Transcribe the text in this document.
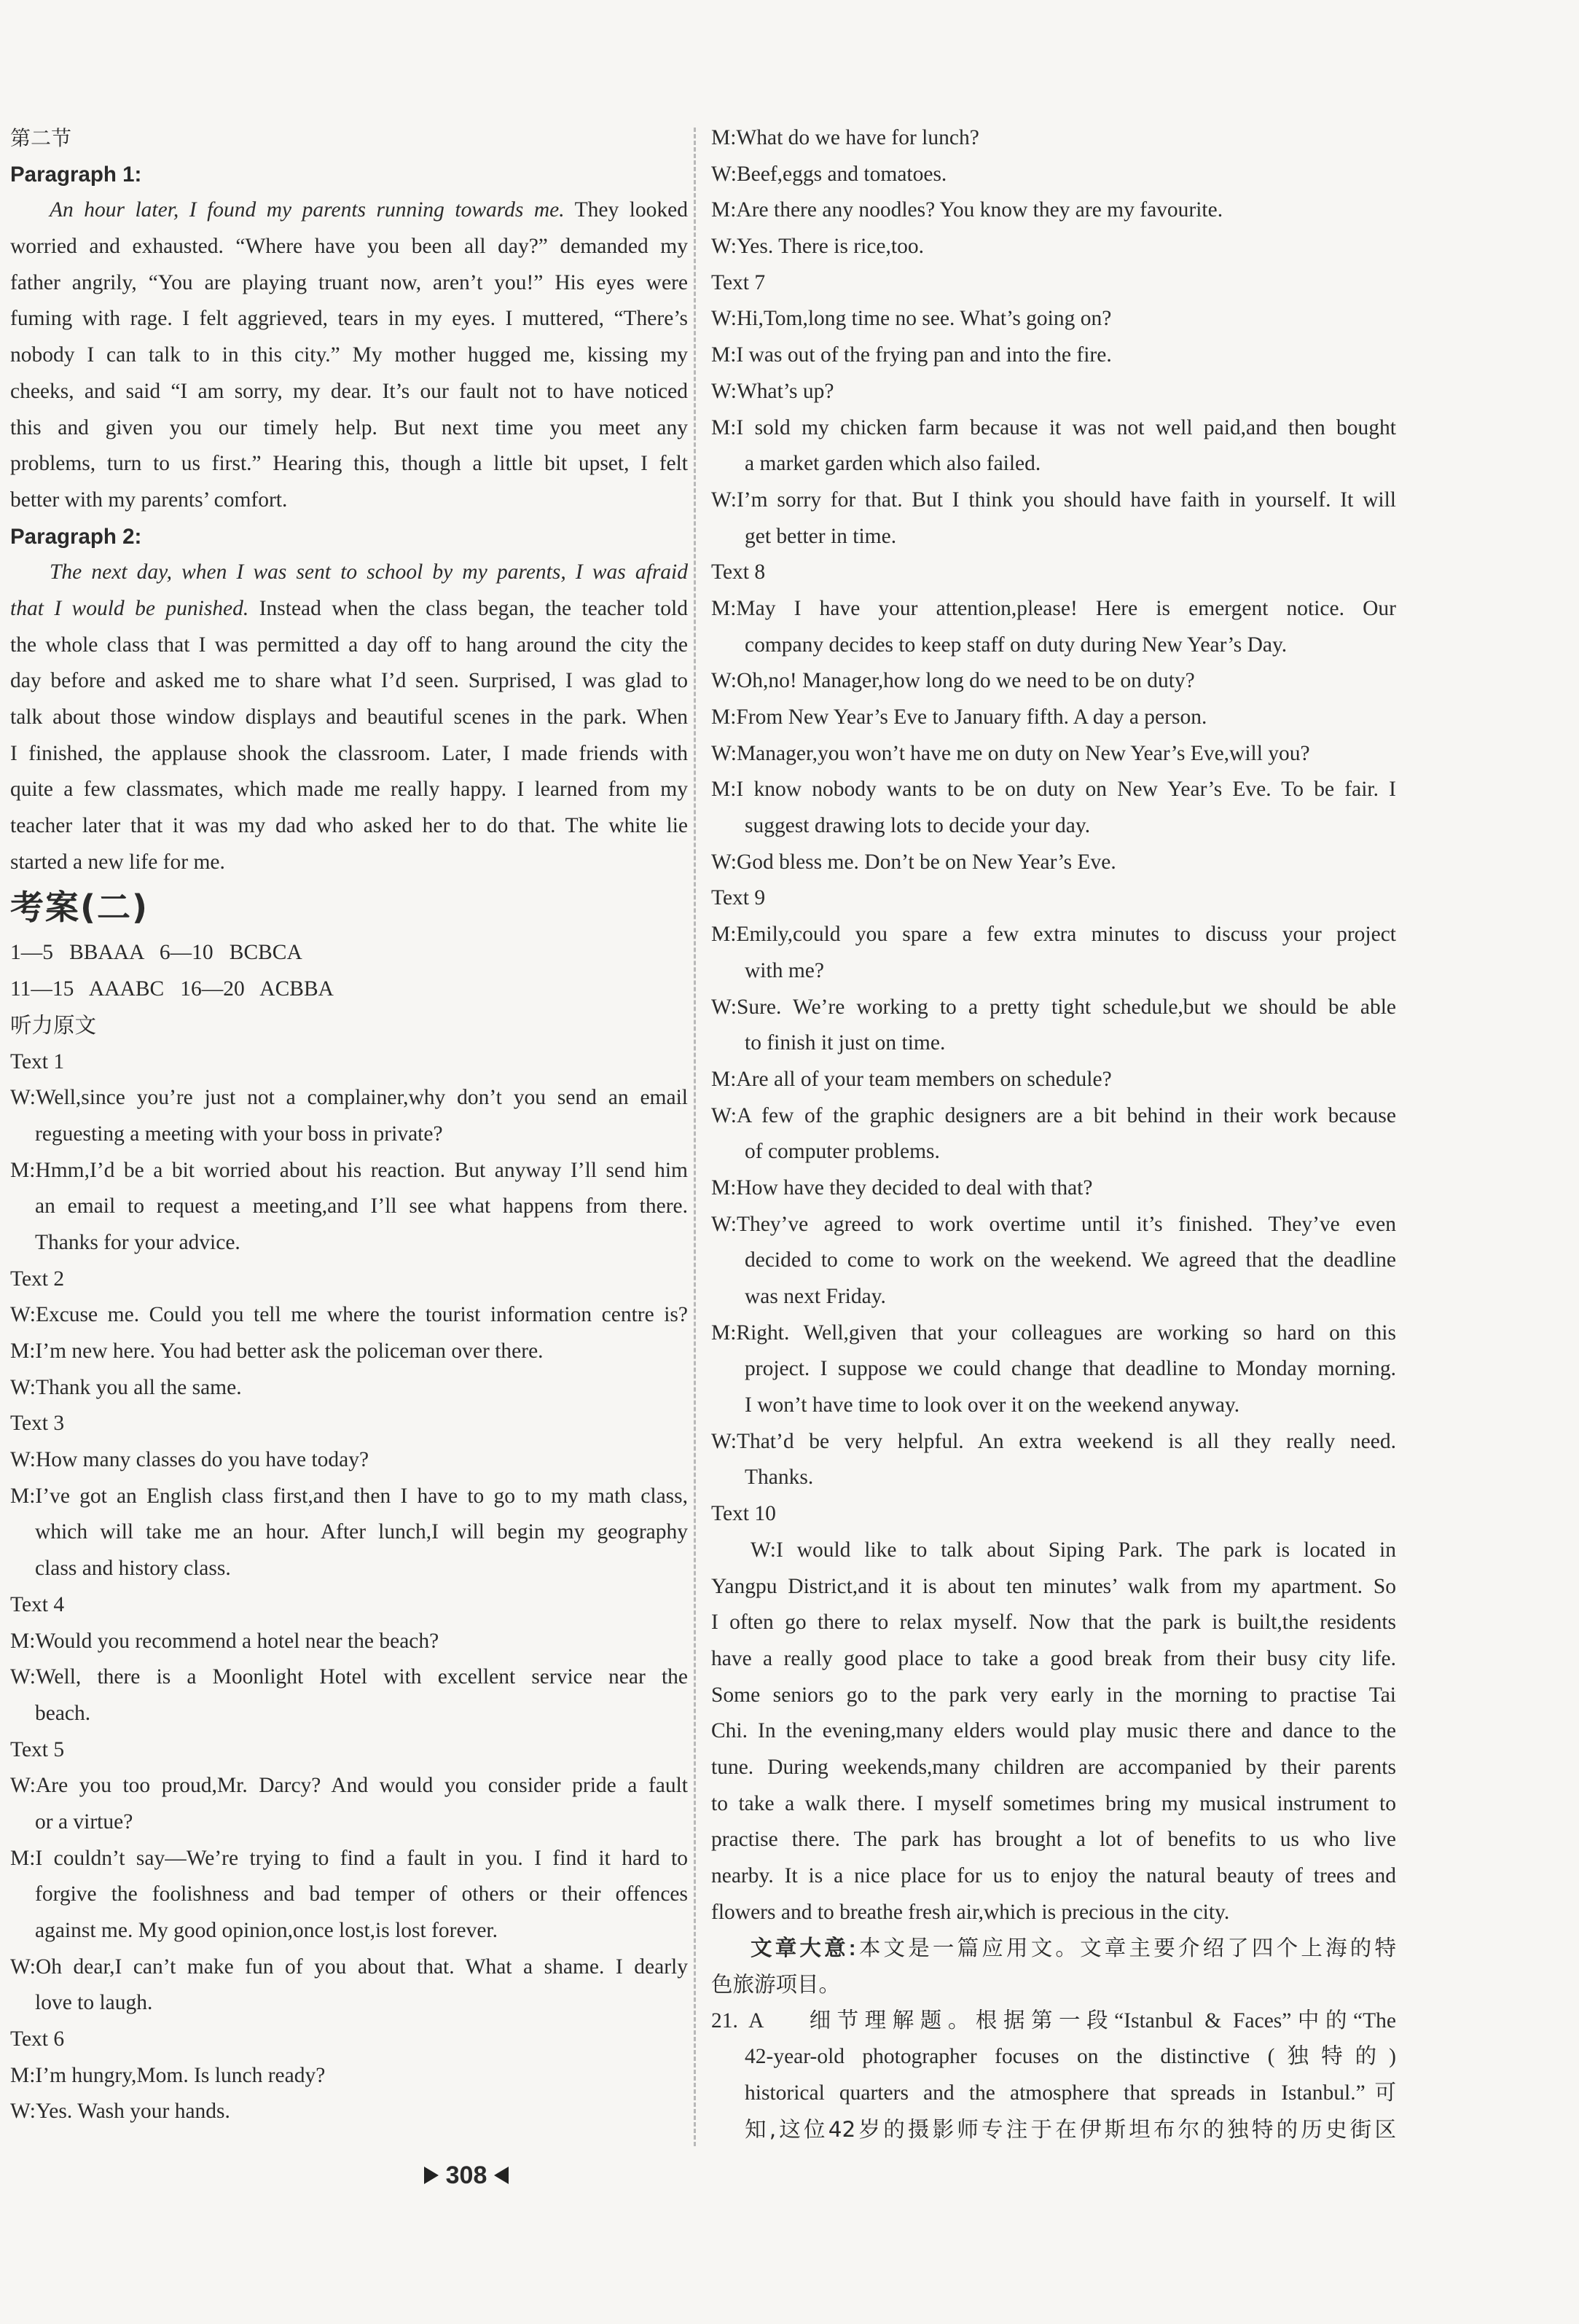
第二节
Paragraph 1:
An hour later, I found my parents running towards me. They looked
worried and exhausted. “Where have you been all day?” demanded my
father angrily, “You are playing truant now, aren’t you!” His eyes were
fuming with rage. I felt aggrieved, tears in my eyes. I muttered, “There’s
nobody I can talk to in this city.” My mother hugged me, kissing my
cheeks, and said “I am sorry, my dear. It’s our fault not to have noticed
this and given you our timely help. But next time you meet any
problems, turn to us first.” Hearing this, though a little bit upset, I felt
better with my parents’ comfort.
Paragraph 2:
The next day, when I was sent to school by my parents, I was afraid
that I would be punished. Instead when the class began, the teacher told
the whole class that I was permitted a day off to hang around the city the
day before and asked me to share what I’d seen. Surprised, I was glad to
talk about those window displays and beautiful scenes in the park. When
I finished, the applause shook the classroom. Later, I made friends with
quite a few classmates, which made me really happy. I learned from my
teacher later that it was my dad who asked her to do that. The white lie
started a new life for me.
考案(二)
1—5   BBAAA   6—10   BCBCA
11—15   AAABC   16—20   ACBBA
听力原文
Text 1
W:Well,since you’re just not a complainer,why don’t you send an email
reguesting a meeting with your boss in private?
M:Hmm,I’d be a bit worried about his reaction. But anyway I’ll send him
an email to request a meeting,and I’ll see what happens from there.
Thanks for your advice.
Text 2
W:Excuse me. Could you tell me where the tourist information centre is?
M:I’m new here. You had better ask the policeman over there.
W:Thank you all the same.
Text 3
W:How many classes do you have today?
M:I’ve got an English class first,and then I have to go to my math class,
which will take me an hour. After lunch,I will begin my geography
class and history class.
Text 4
M:Would you recommend a hotel near the beach?
W:Well, there is a Moonlight Hotel with excellent service near the
beach.
Text 5
W:Are you too proud,Mr. Darcy? And would you consider pride a fault
or a virtue?
M:I couldn’t say—We’re trying to find a fault in you. I find it hard to
forgive the foolishness and bad temper of others or their offences
against me. My good opinion,once lost,is lost forever.
W:Oh dear,I can’t make fun of you about that. What a shame. I dearly
love to laugh.
Text 6
M:I’m hungry,Mom. Is lunch ready?
W:Yes. Wash your hands.
M:What do we have for lunch?
W:Beef,eggs and tomatoes.
M:Are there any noodles? You know they are my favourite.
W:Yes. There is rice,too.
Text 7
W:Hi,Tom,long time no see. What’s going on?
M:I was out of the frying pan and into the fire.
W:What’s up?
M:I sold my chicken farm because it was not well paid,and then bought
a market garden which also failed.
W:I’m sorry for that. But I think you should have faith in yourself. It will
get better in time.
Text 8
M:May I have your attention,please! Here is emergent notice. Our
company decides to keep staff on duty during New Year’s Day.
W:Oh,no! Manager,how long do we need to be on duty?
M:From New Year’s Eve to January fifth. A day a person.
W:Manager,you won’t have me on duty on New Year’s Eve,will you?
M:I know nobody wants to be on duty on New Year’s Eve. To be fair. I
suggest drawing lots to decide your day.
W:God bless me. Don’t be on New Year’s Eve.
Text 9
M:Emily,could you spare a few extra minutes to discuss your project
with me?
W:Sure. We’re working to a pretty tight schedule,but we should be able
to finish it just on time.
M:Are all of your team members on schedule?
W:A few of the graphic designers are a bit behind in their work because
of computer problems.
M:How have they decided to deal with that?
W:They’ve agreed to work overtime until it’s finished. They’ve even
decided to come to work on the weekend. We agreed that the deadline
was next Friday.
M:Right. Well,given that your colleagues are working so hard on this
project. I suppose we could change that deadline to Monday morning.
I won’t have time to look over it on the weekend anyway.
W:That’d be very helpful. An extra weekend is all they really need.
Thanks.
Text 10
W:I would like to talk about Siping Park. The park is located in
Yangpu District,and it is about ten minutes’ walk from my apartment. So
I often go there to relax myself. Now that the park is built,the residents
have a really good place to take a good break from their busy city life.
Some seniors go to the park very early in the morning to practise Tai
Chi. In the evening,many elders would play music there and dance to the
tune. During weekends,many children are accompanied by their parents
to take a walk there. I myself sometimes bring my musical instrument to
practise there. The park has brought a lot of benefits to us who live
nearby. It is a nice place for us to enjoy the natural beauty of trees and
flowers and to breathe fresh air,which is precious in the city.
文章大意:本文是一篇应用文。文章主要介绍了四个上海的特
色旅游项目。
21. A    细节理解题。根据第一段“Istanbul & Faces”中的“The
42-year-old photographer focuses on the distinctive (独特的)
historical quarters and the atmosphere that spreads in Istanbul.”可
知,这位42岁的摄影师专注于在伊斯坦布尔的独特的历史街区
308
